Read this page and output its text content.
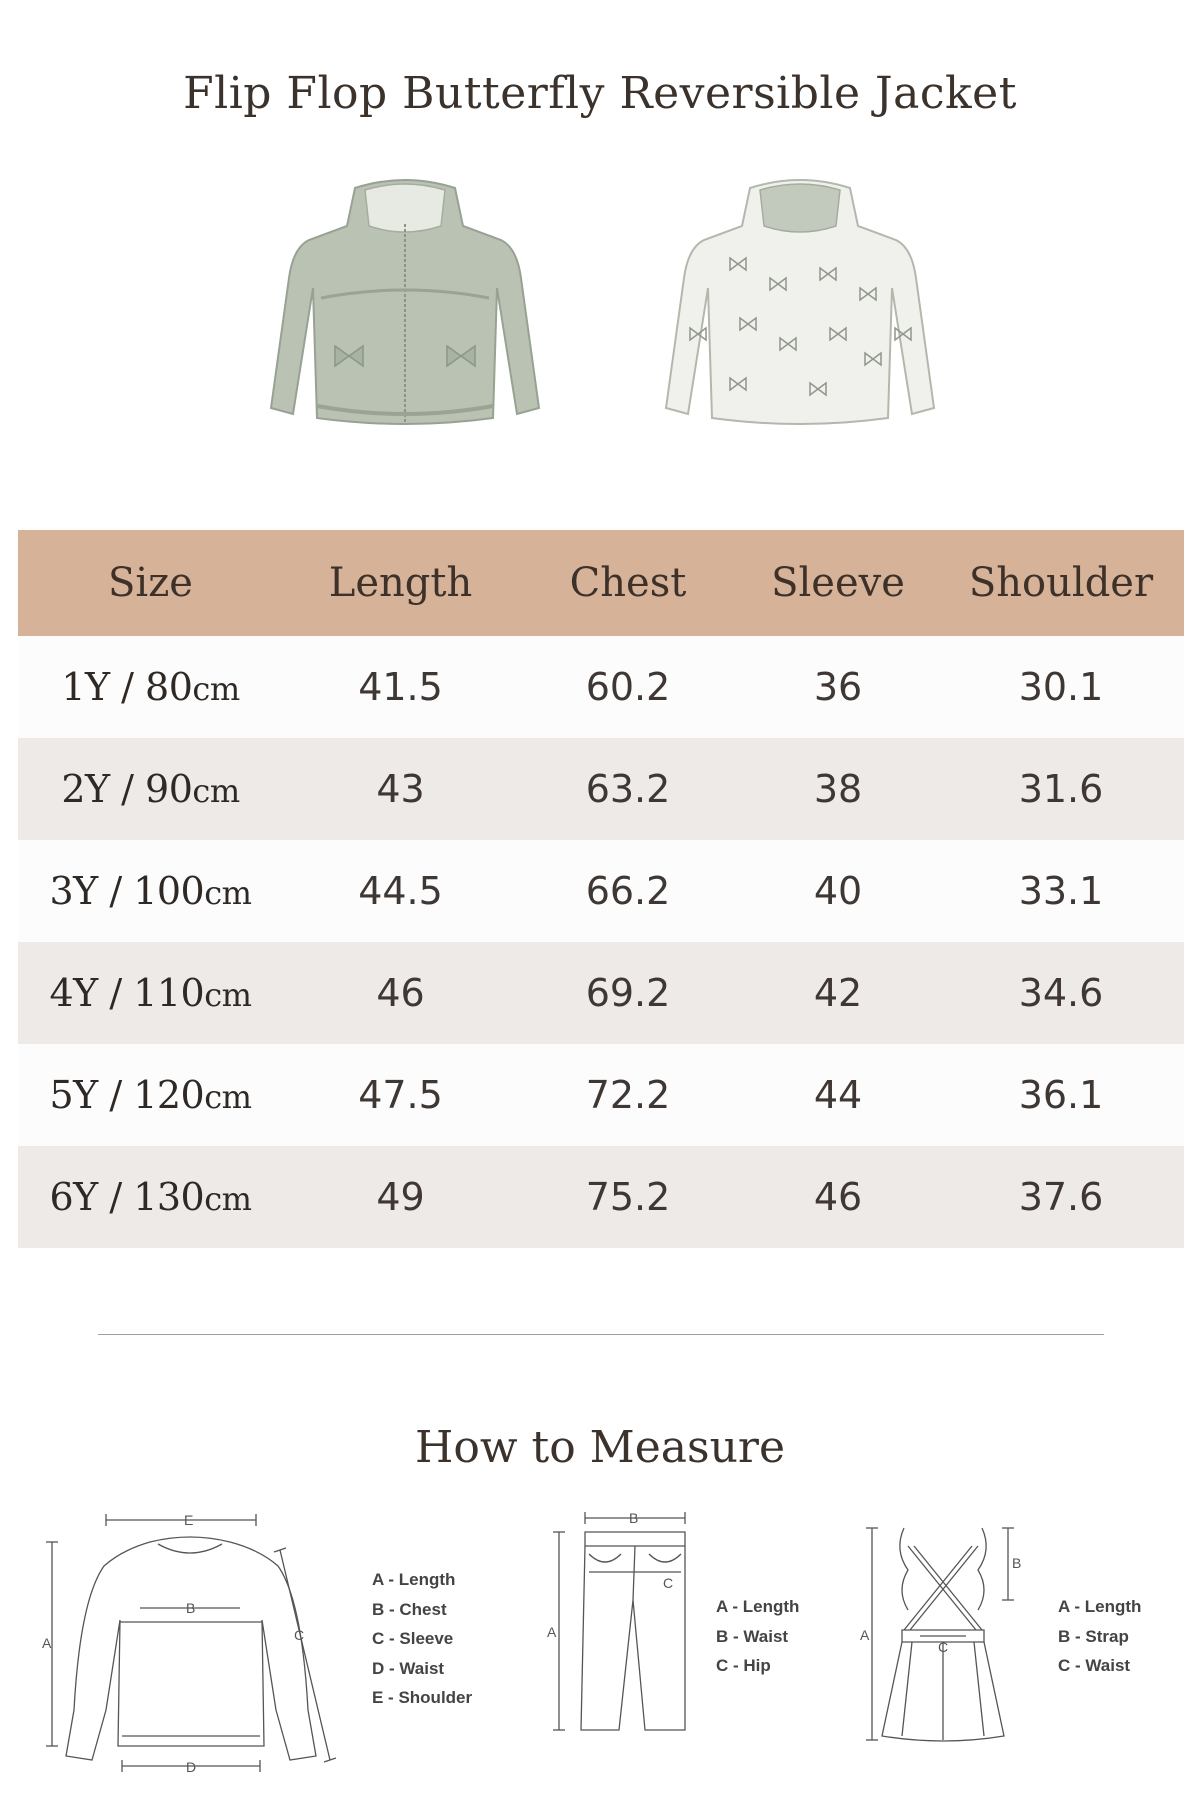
Flip Flop Butterfly Reversible Jacket
Size	Length	Chest	Sleeve	Shoulder
1Y / 80cm	41.5	60.2	36	30.1
2Y / 90cm	43	63.2	38	31.6
3Y / 100cm	44.5	66.2	40	33.1
4Y / 110cm	46	69.2	42	34.6
5Y / 120cm	47.5	72.2	44	36.1
6Y / 130cm	49	75.2	46	37.6
How to Measure
E
A
B
C
D
A - Length
B - Chest
C - Sleeve
D - Waist
E - Shoulder
B
A
C
A - Length
B - Waist
C - Hip
A
B
C
A - Length
B - Strap
C - Waist
